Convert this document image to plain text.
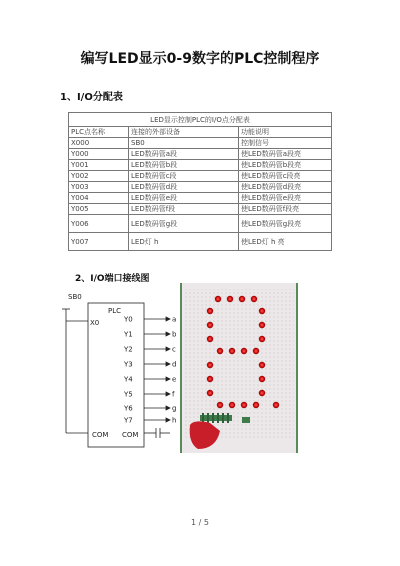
编写LED显示0-9数字的PLC控制程序
1、I/O分配表
LED显示控制PLC的I/O点分配表		
PLC点名称	连接的外部设备	功能说明
X000	SB0	控制信号
Y000	LED数码管a段	使LED数码管a段亮
Y001	LED数码管b段	使LED数码管b段亮
Y002	LED数码管c段	使LED数码管c段亮
Y003	LED数码管d段	使LED数码管d段亮
Y004	LED数码管e段	使LED数码管e段亮
Y005	LED数码管f段	使LED数码管f段亮
Y006	LED数码管g段	使LED数码管g段亮
Y007	LED灯 h	使LED灯 h 亮
2、I/O端口接线图
SB0
X0
PLC
COM COM
Y0	a
Y1	b
Y2	c
Y3	d
Y4	e
Y5	f
Y6	g
Y7	h
1 / 5
